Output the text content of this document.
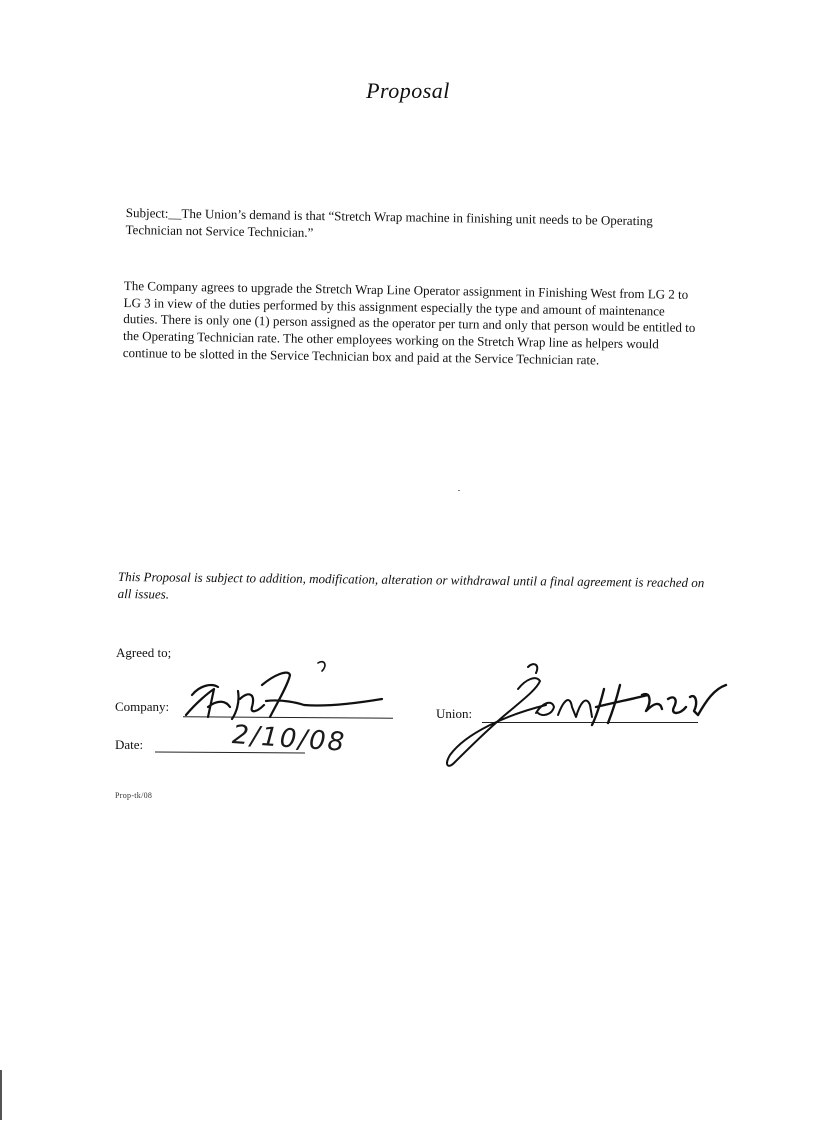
Proposal
Subject:__The Union’s demand is that “Stretch Wrap machine in finishing unit needs to be Operating Technician not Service Technician.”
The Company agrees to upgrade the Stretch Wrap Line Operator assignment in Finishing West from LG 2 to LG 3 in view of the duties performed by this assignment especially the type and amount of maintenance duties. There is only one (1) person assigned as the operator per turn and only that person would be entitled to the Operating Technician rate. The other employees working on the Stretch Wrap line as helpers would continue to be slotted in the Service Technician box and paid at the Service Technician rate.
This Proposal is subject to addition, modification, alteration or withdrawal until a final agreement is reached on all issues.
Agreed to;
Company:
Date:	2/10/08
Union:
Prop-tk/08
